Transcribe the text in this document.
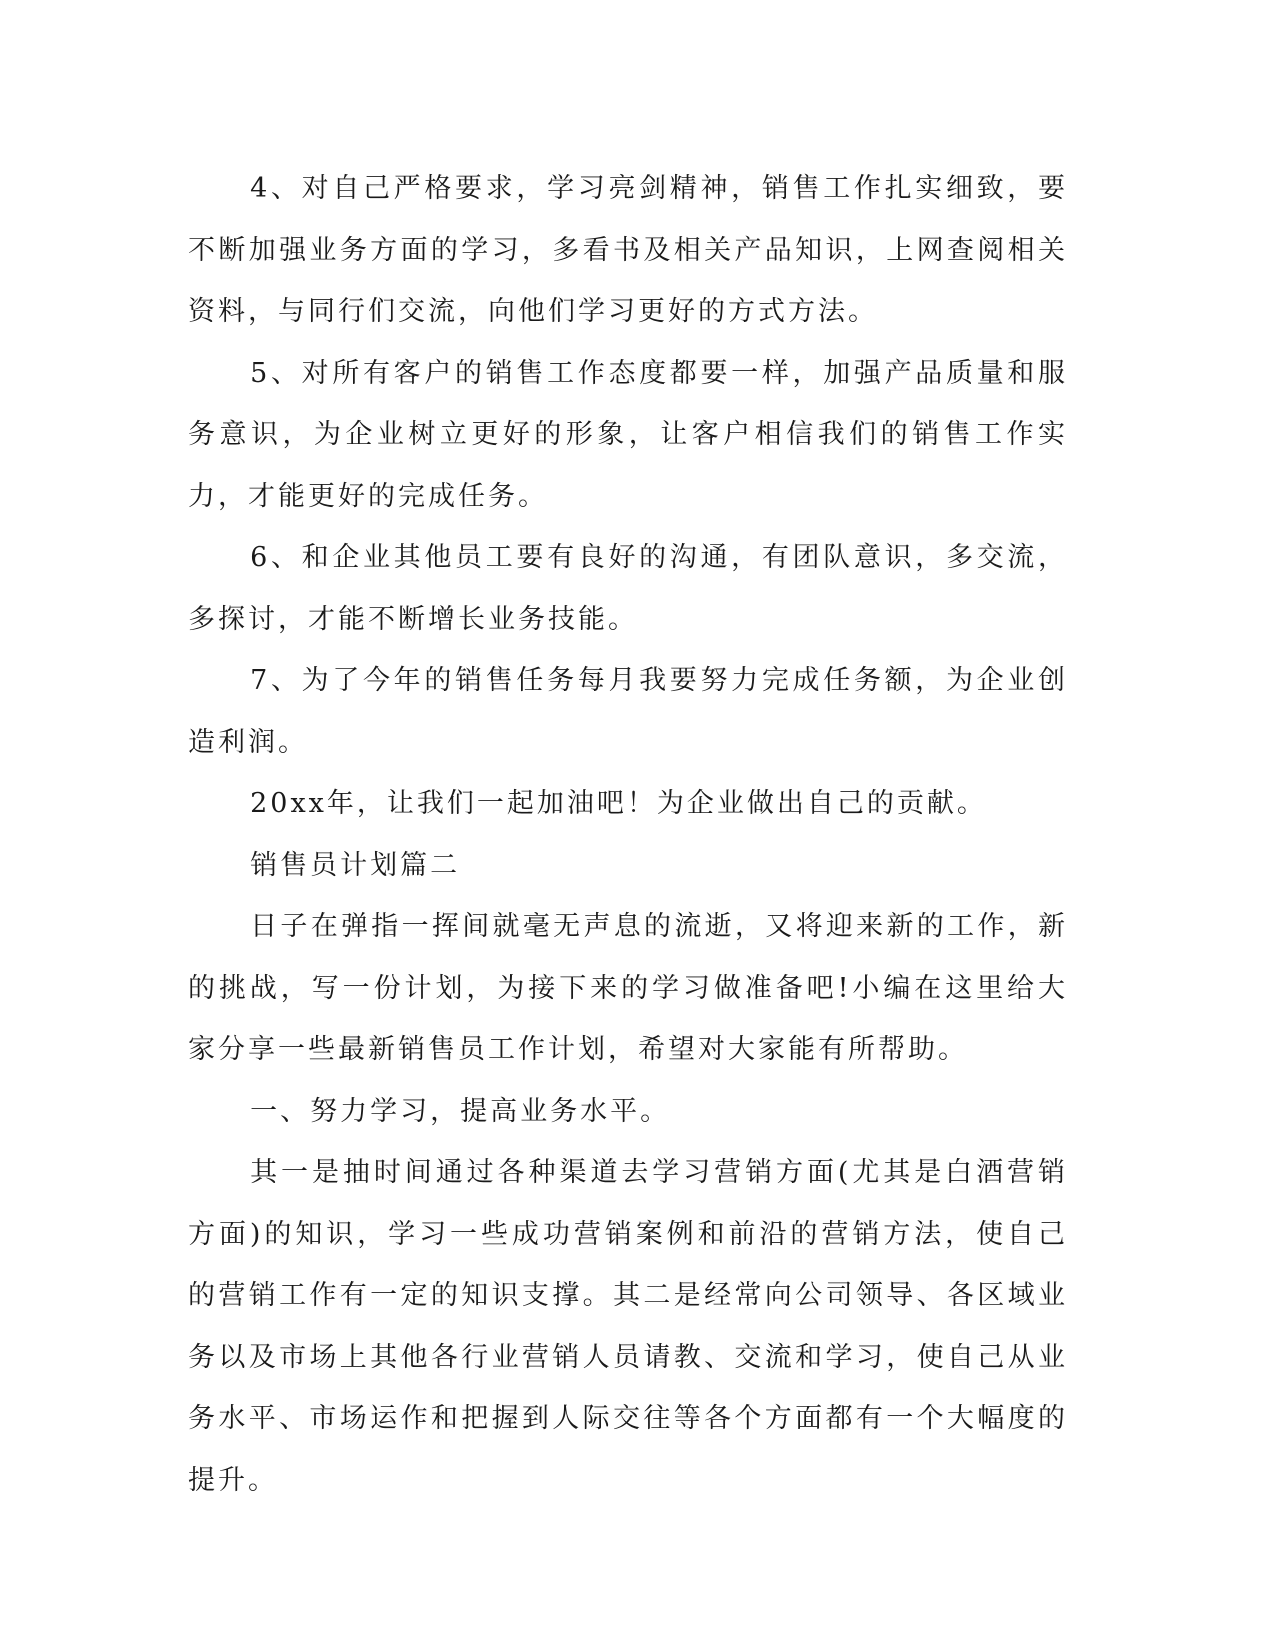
4、对自己严格要求，学习亮剑精神，销售工作扎实细致，要不断加强业务方面的学习，多看书及相关产品知识，上网查阅相关资料，与同行们交流，向他们学习更好的方式方法。

5、对所有客户的销售工作态度都要一样，加强产品质量和服务意识，为企业树立更好的形象，让客户相信我们的销售工作实力，才能更好的完成任务。

6、和企业其他员工要有良好的沟通，有团队意识，多交流，多探讨，才能不断增长业务技能。

7、为了今年的销售任务每月我要努力完成任务额，为企业创造利润。

20xx年，让我们一起加油吧！为企业做出自己的贡献。

销售员计划篇二

日子在弹指一挥间就毫无声息的流逝，又将迎来新的工作，新的挑战，写一份计划，为接下来的学习做准备吧!小编在这里给大家分享一些最新销售员工作计划，希望对大家能有所帮助。

一、努力学习，提高业务水平。

其一是抽时间通过各种渠道去学习营销方面(尤其是白酒营销方面)的知识，学习一些成功营销案例和前沿的营销方法，使自己的营销工作有一定的知识支撑。其二是经常向公司领导、各区域业务以及市场上其他各行业营销人员请教、交流和学习，使自己从业务水平、市场运作和把握到人际交往等各个方面都有一个大幅度的提升。
